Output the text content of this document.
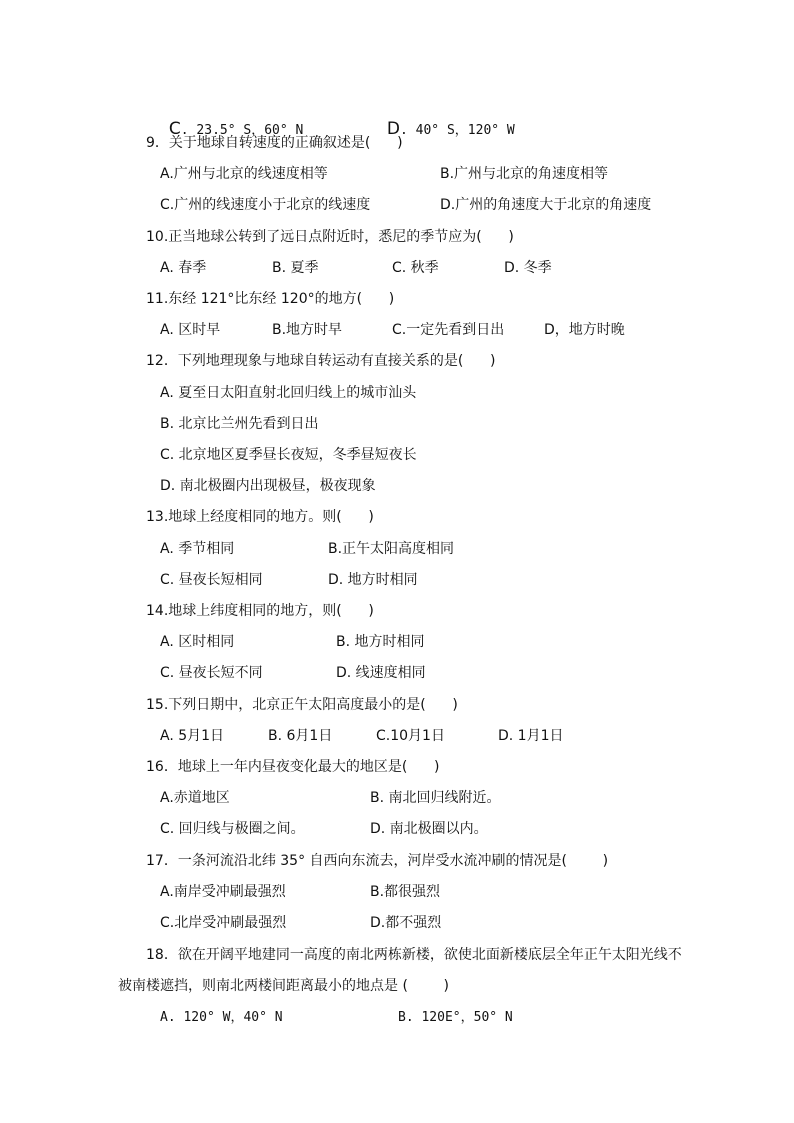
C. 23.5° S，60° N	D. 40° S，120° W

9．关于地球自转速度的正确叙述是(      )
A.广州与北京的线速度相等	B.广州与北京的角速度相等
C.广州的线速度小于北京的线速度	D.广州的角速度大于北京的角速度
10.正当地球公转到了远日点附近时，悉尼的季节应为(      )
A. 春季	B. 夏季	C. 秋季	D. 冬季
11.东经 121°比东经 120°的地方(      )
A. 区时早	B.地方时早	C.一定先看到日出	D，地方时晚
12．下列地理现象与地球自转运动有直接关系的是(      )
A. 夏至日太阳直射北回归线上的城市汕头
B. 北京比兰州先看到日出
C. 北京地区夏季昼长夜短，冬季昼短夜长
D. 南北极圈内出现极昼，极夜现象
13.地球上经度相同的地方。则(      )
A. 季节相同	B.正午太阳高度相同
C. 昼夜长短相同	D. 地方时相同
14.地球上纬度相同的地方，则(      )
A. 区时相同	B. 地方时相同
C. 昼夜长短不同	D. 线速度相同
15.下列日期中，北京正午太阳高度最小的是(      )
A. 5月1日	B. 6月1日	C.10月1日	D. 1月1日
16．地球上一年内昼夜变化最大的地区是(      )
A.赤道地区	B. 南北回归线附近。
C. 回归线与极圈之间。	D. 南北极圈以内。
17．一条河流沿北纬 35° 自西向东流去，河岸受水流冲刷的情况是(        )
A.南岸受冲刷最强烈	B.都很强烈
C.北岸受冲刷最强烈	D.都不强烈
18．欲在开阔平地建同一高度的南北两栋新楼，欲使北面新楼底层全年正午太阳光线不
被南楼遮挡，则南北两楼间距离最小的地点是 (        )
A. 120° W，40° N	B. 120E°，50° N
